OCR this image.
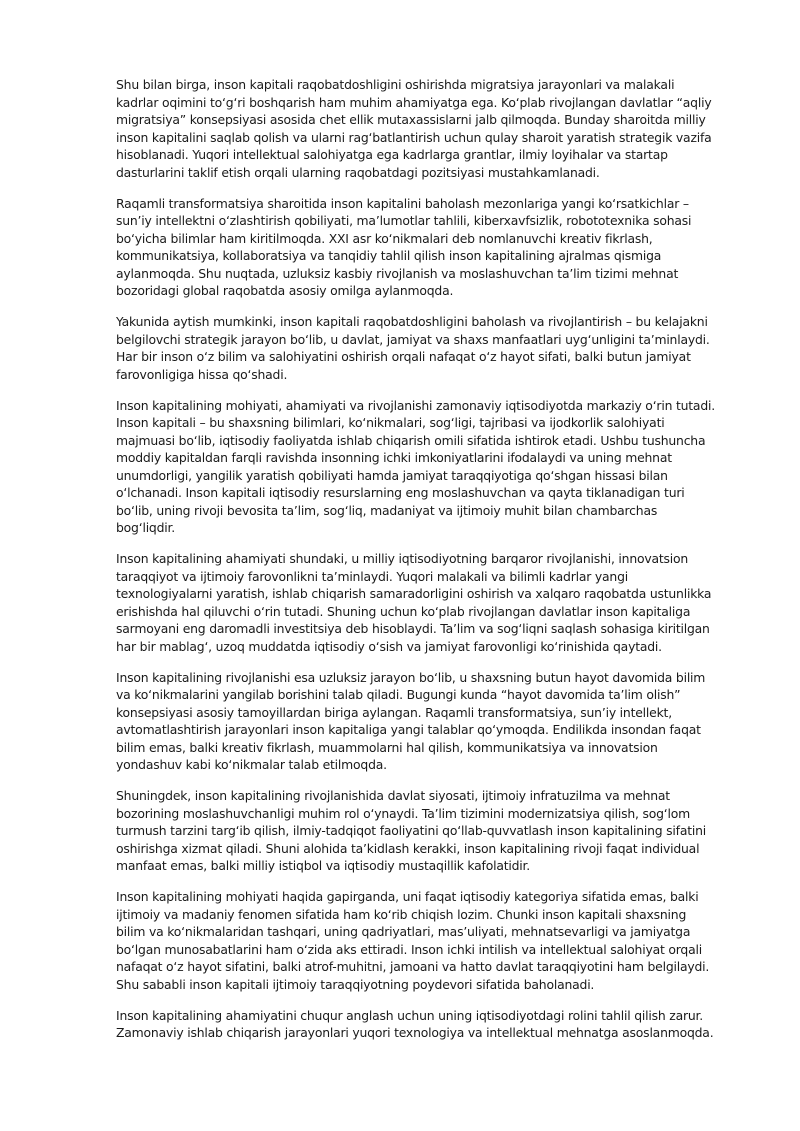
Shu bilan birga, inson kapitali raqobatdoshligini oshirishda migratsiya jarayonlari va malakali kadrlar oqimini to‘g‘ri boshqarish ham muhim ahamiyatga ega. Ko‘plab rivojlangan davlatlar “aqliy migratsiya” konsepsiyasi asosida chet ellik mutaxassislarni jalb qilmoqda. Bunday sharoitda milliy inson kapitalini saqlab qolish va ularni rag‘batlantirish uchun qulay sharoit yaratish strategik vazifa hisoblanadi. Yuqori intellektual salohiyatga ega kadrlarga grantlar, ilmiy loyihalar va startap dasturlarini taklif etish orqali ularning raqobatdagi pozitsiyasi mustahkamlanadi.

Raqamli transformatsiya sharoitida inson kapitalini baholash mezonlariga yangi ko‘rsatkichlar – sun’iy intellektni o‘zlashtirish qobiliyati, ma’lumotlar tahlili, kiberxavfsizlik, robototexnika sohasi bo‘yicha bilimlar ham kiritilmoqda. XXI asr ko‘nikmalari deb nomlanuvchi kreativ fikrlash, kommunikatsiya, kollaboratsiya va tanqidiy tahlil qilish inson kapitalining ajralmas qismiga aylanmoqda. Shu nuqtada, uzluksiz kasbiy rivojlanish va moslashuvchan ta’lim tizimi mehnat bozoridagi global raqobatda asosiy omilga aylanmoqda.

Yakunida aytish mumkinki, inson kapitali raqobatdoshligini baholash va rivojlantirish – bu kelajakni belgilovchi strategik jarayon bo‘lib, u davlat, jamiyat va shaxs manfaatlari uyg‘unligini ta’minlaydi. Har bir inson o‘z bilim va salohiyatini oshirish orqali nafaqat o‘z hayot sifati, balki butun jamiyat farovonligiga hissa qo‘shadi.

Inson kapitalining mohiyati, ahamiyati va rivojlanishi zamonaviy iqtisodiyotda markaziy o‘rin tutadi. Inson kapitali – bu shaxsning bilimlari, ko‘nikmalari, sog‘ligi, tajribasi va ijodkorlik salohiyati majmuasi bo‘lib, iqtisodiy faoliyatda ishlab chiqarish omili sifatida ishtirok etadi. Ushbu tushuncha moddiy kapitaldan farqli ravishda insonning ichki imkoniyatlarini ifodalaydi va uning mehnat unumdorligi, yangilik yaratish qobiliyati hamda jamiyat taraqqiyotiga qo‘shgan hissasi bilan o‘lchanadi. Inson kapitali iqtisodiy resurslarning eng moslashuvchan va qayta tiklanadigan turi bo‘lib, uning rivoji bevosita ta’lim, sog‘liq, madaniyat va ijtimoiy muhit bilan chambarchas bog‘liqdir.

Inson kapitalining ahamiyati shundaki, u milliy iqtisodiyotning barqaror rivojlanishi, innovatsion taraqqiyot va ijtimoiy farovonlikni ta’minlaydi. Yuqori malakali va bilimli kadrlar yangi texnologiyalarni yaratish, ishlab chiqarish samaradorligini oshirish va xalqaro raqobatda ustunlikka erishishda hal qiluvchi o‘rin tutadi. Shuning uchun ko‘plab rivojlangan davlatlar inson kapitaliga sarmoyani eng daromadli investitsiya deb hisoblaydi. Ta’lim va sog‘liqni saqlash sohasiga kiritilgan har bir mablag‘, uzoq muddatda iqtisodiy o‘sish va jamiyat farovonligi ko‘rinishida qaytadi.

Inson kapitalining rivojlanishi esa uzluksiz jarayon bo‘lib, u shaxsning butun hayot davomida bilim va ko‘nikmalarini yangilab borishini talab qiladi. Bugungi kunda “hayot davomida ta’lim olish” konsepsiyasi asosiy tamoyillardan biriga aylangan. Raqamli transformatsiya, sun’iy intellekt, avtomatlashtirish jarayonlari inson kapitaliga yangi talablar qo‘ymoqda. Endilikda insondan faqat bilim emas, balki kreativ fikrlash, muammolarni hal qilish, kommunikatsiya va innovatsion yondashuv kabi ko‘nikmalar talab etilmoqda.

Shuningdek, inson kapitalining rivojlanishida davlat siyosati, ijtimoiy infratuzilma va mehnat bozorining moslashuvchanligi muhim rol o‘ynaydi. Ta’lim tizimini modernizatsiya qilish, sog‘lom turmush tarzini targ‘ib qilish, ilmiy-tadqiqot faoliyatini qo‘llab-quvvatlash inson kapitalining sifatini oshirishga xizmat qiladi. Shuni alohida ta’kidlash kerakki, inson kapitalining rivoji faqat individual manfaat emas, balki milliy istiqbol va iqtisodiy mustaqillik kafolatidir.

Inson kapitalining mohiyati haqida gapirganda, uni faqat iqtisodiy kategoriya sifatida emas, balki ijtimoiy va madaniy fenomen sifatida ham ko‘rib chiqish lozim. Chunki inson kapitali shaxsning bilim va ko‘nikmalaridan tashqari, uning qadriyatlari, mas’uliyati, mehnatsevarligi va jamiyatga bo‘lgan munosabatlarini ham o‘zida aks ettiradi. Inson ichki intilish va intellektual salohiyat orqali nafaqat o‘z hayot sifatini, balki atrof-muhitni, jamoani va hatto davlat taraqqiyotini ham belgilaydi. Shu sababli inson kapitali ijtimoiy taraqqiyotning poydevori sifatida baholanadi.

Inson kapitalining ahamiyatini chuqur anglash uchun uning iqtisodiyotdagi rolini tahlil qilish zarur. Zamonaviy ishlab chiqarish jarayonlari yuqori texnologiya va intellektual mehnatga asoslanmoqda.
